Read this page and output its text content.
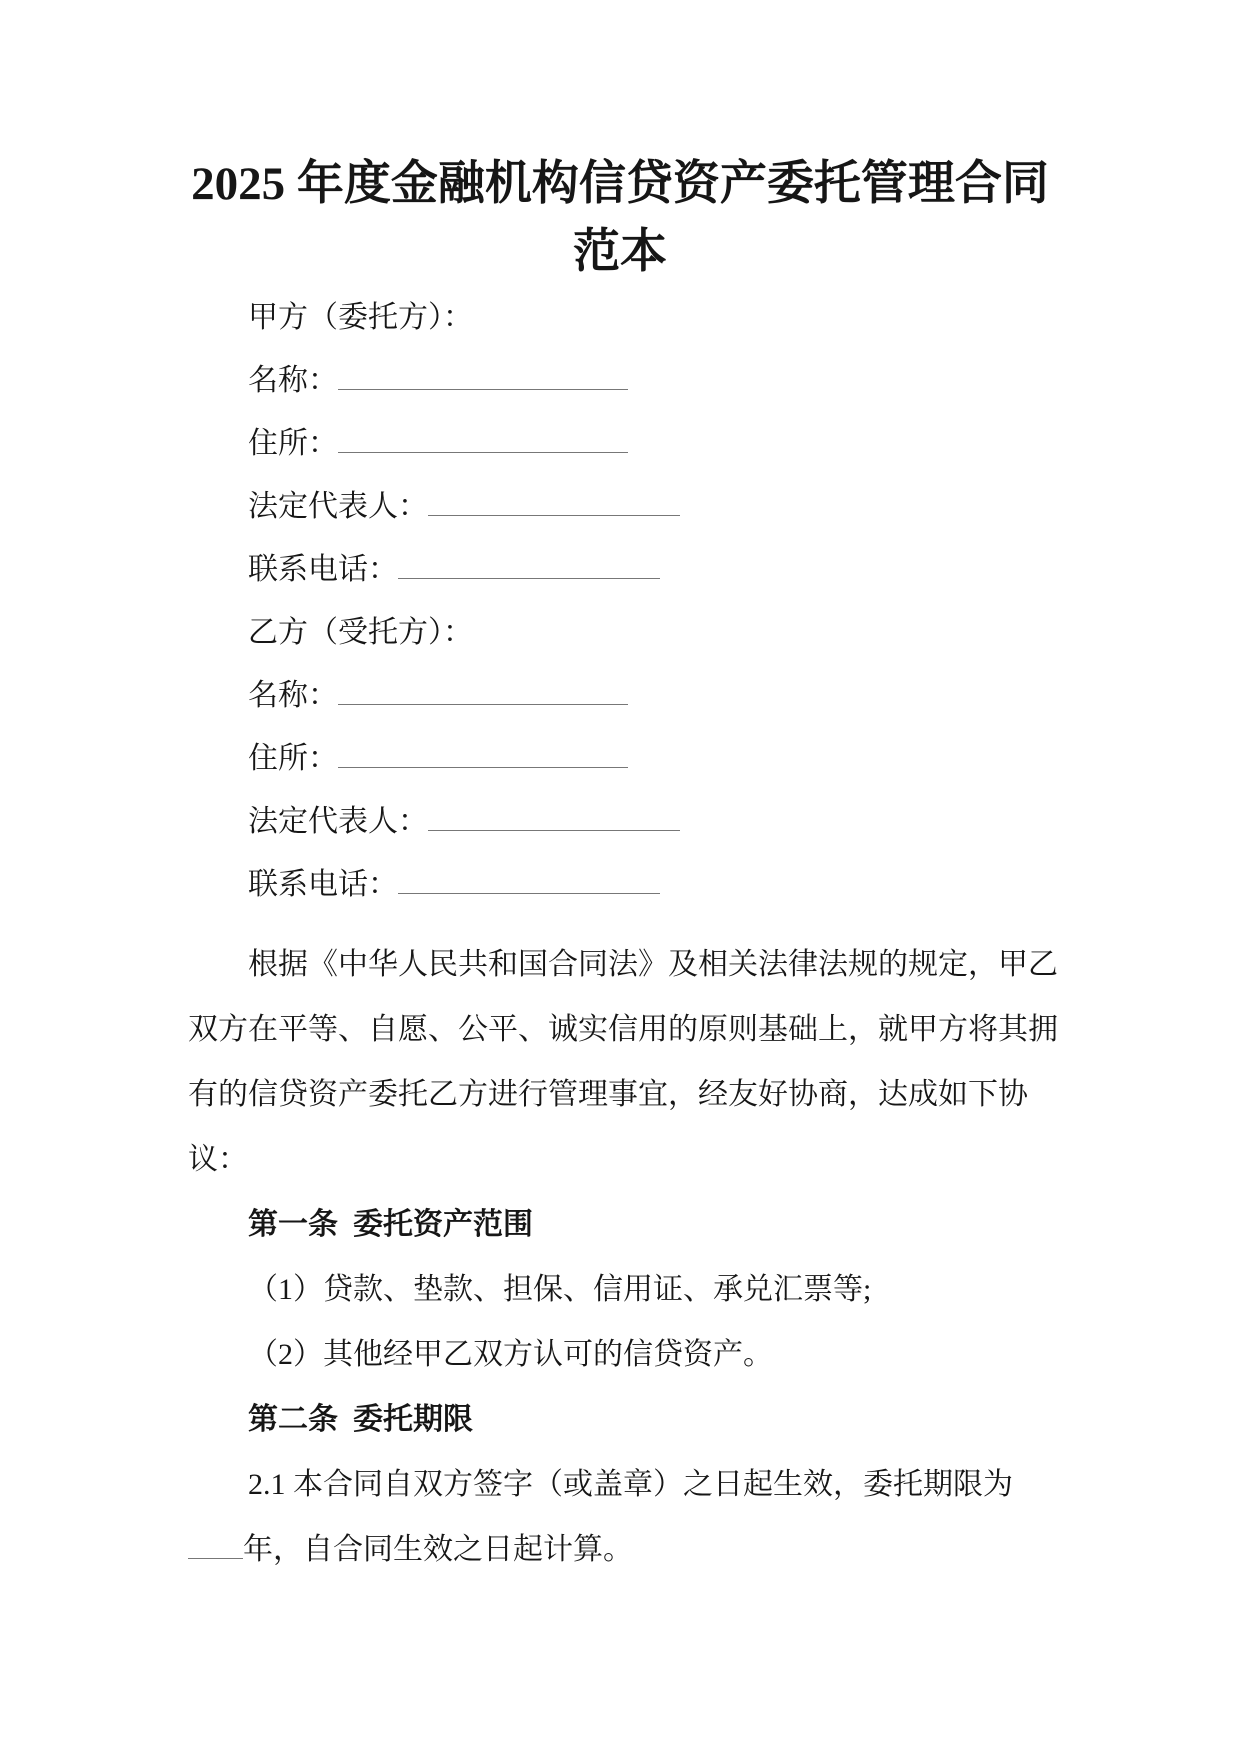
2025 年度金融机构信贷资产委托管理合同
范本
甲方（委托方）：
名称：
住所：
法定代表人：
联系电话：
乙方（受托方）：
名称：
住所：
法定代表人：
联系电话：
根据《中华人民共和国合同法》及相关法律法规的规定，甲乙
双方在平等、自愿、公平、诚实信用的原则基础上，就甲方将其拥
有的信贷资产委托乙方进行管理事宜，经友好协商，达成如下协
议：
第一条  委托资产范围
（1）贷款、垫款、担保、信用证、承兑汇票等;
（2）其他经甲乙双方认可的信贷资产。
第二条  委托期限
2.1 本合同自双方签字（或盖章）之日起生效，委托期限为
年，自合同生效之日起计算。
